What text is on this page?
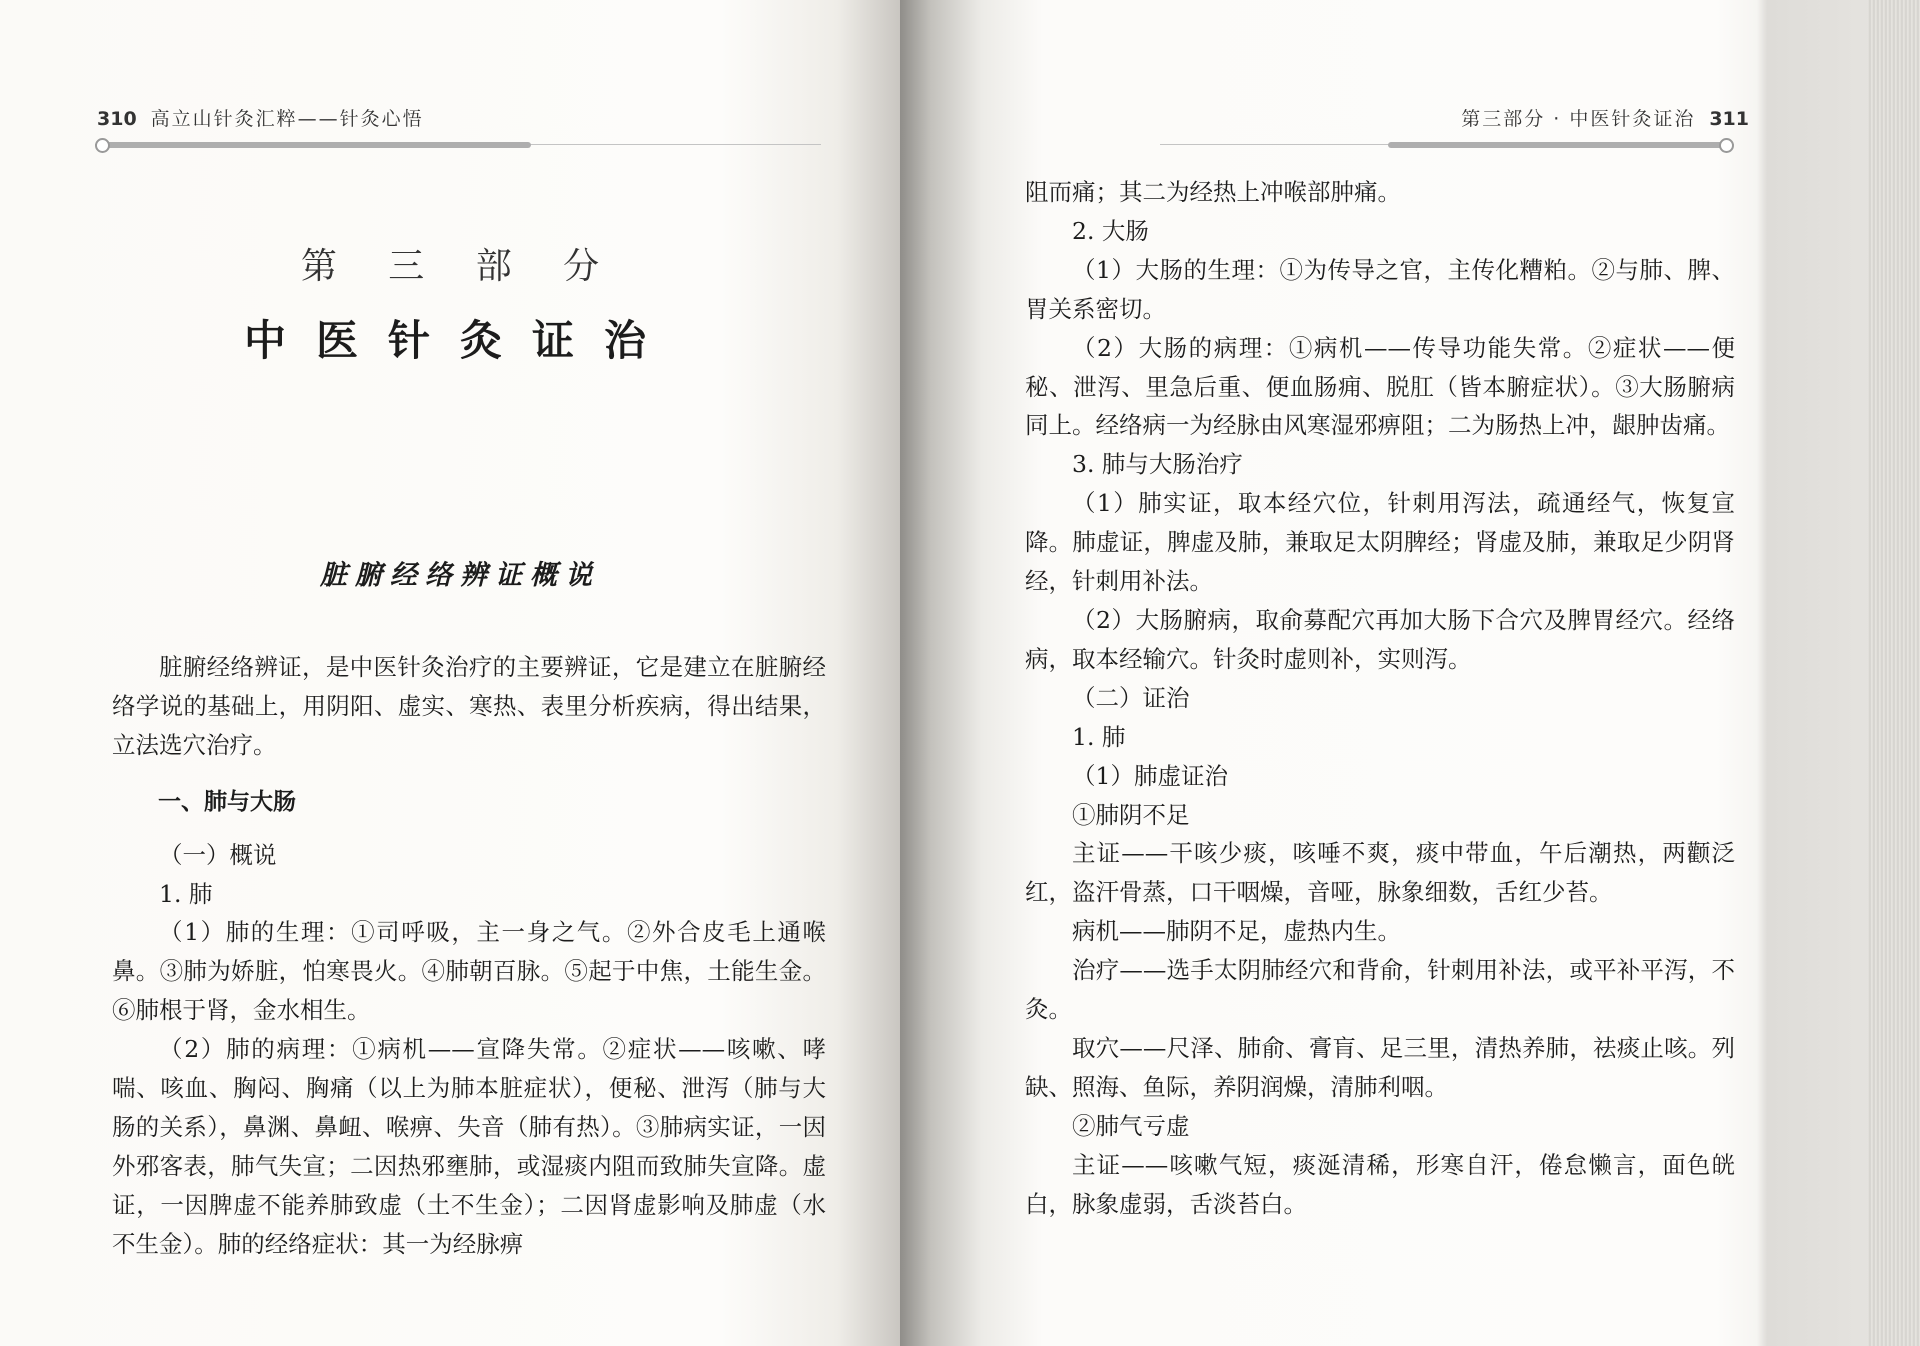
310 高立山针灸汇粹——针灸心悟
第 三 部 分
中医针灸证治
脏腑经络辨证概说

脏腑经络辨证，是中医针灸治疗的主要辨证，它是建立在脏腑经络学说的基础上，用阴阳、虚实、寒热、表里分析疾病，得出结果，立法选穴治疗。

一、肺与大肠

（一）概说

1. 肺

（1）肺的生理：①司呼吸，主一身之气。②外合皮毛上通喉鼻。③肺为娇脏，怕寒畏火。④肺朝百脉。⑤起于中焦，土能生金。⑥肺根于肾，金水相生。

（2）肺的病理：①病机——宣降失常。②症状——咳嗽、哮喘、咳血、胸闷、胸痛（以上为肺本脏症状），便秘、泄泻（肺与大肠的关系），鼻渊、鼻衄、喉痹、失音（肺有热）。③肺病实证，一因外邪客表，肺气失宣；二因热邪壅肺，或湿痰内阻而致肺失宣降。虚证，一因脾虚不能养肺致虚（土不生金）；二因肾虚影响及肺虚（水不生金）。肺的经络症状：其一为经脉痹

第三部分 · 中医针灸证治 311

阻而痛；其二为经热上冲喉部肿痛。

2. 大肠

（1）大肠的生理：①为传导之官，主传化糟粕。②与肺、脾、胃关系密切。

（2）大肠的病理：①病机——传导功能失常。②症状——便秘、泄泻、里急后重、便血肠痈、脱肛（皆本腑症状）。③大肠腑病同上。经络病一为经脉由风寒湿邪痹阻；二为肠热上冲，龈肿齿痛。

3. 肺与大肠治疗

（1）肺实证，取本经穴位，针刺用泻法，疏通经气，恢复宣降。肺虚证，脾虚及肺，兼取足太阴脾经；肾虚及肺，兼取足少阴肾经，针刺用补法。

（2）大肠腑病，取俞募配穴再加大肠下合穴及脾胃经穴。经络病，取本经输穴。针灸时虚则补，实则泻。

（二）证治

1. 肺

（1）肺虚证治

①肺阴不足

主证——干咳少痰，咳唾不爽，痰中带血，午后潮热，两颧泛红，盗汗骨蒸，口干咽燥，音哑，脉象细数，舌红少苔。

病机——肺阴不足，虚热内生。

治疗——选手太阴肺经穴和背俞，针刺用补法，或平补平泻，不灸。

取穴——尺泽、肺俞、膏肓、足三里，清热养肺，祛痰止咳。列缺、照海、鱼际，养阴润燥，清肺利咽。

②肺气亏虚

主证——咳嗽气短，痰涎清稀，形寒自汗，倦怠懒言，面色㿠白，脉象虚弱，舌淡苔白。
